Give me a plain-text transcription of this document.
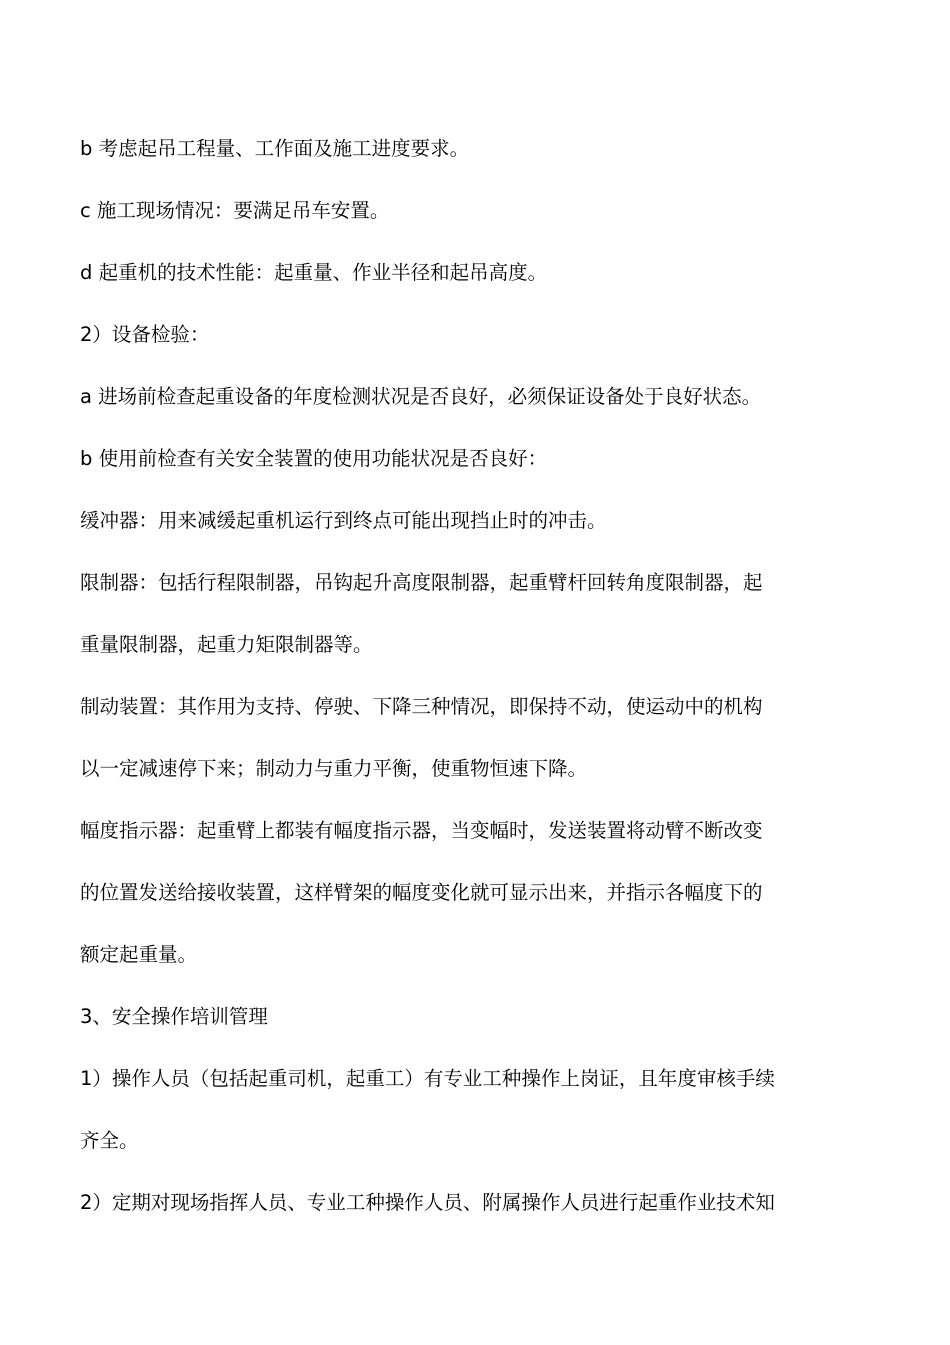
b 考虑起吊工程量、工作面及施工进度要求。

c 施工现场情况：要满足吊车安置。

d 起重机的技术性能：起重量、作业半径和起吊高度。

2）设备检验：

a 进场前检查起重设备的年度检测状况是否良好，必须保证设备处于良好状态。

b 使用前检查有关安全装置的使用功能状况是否良好：

缓冲器：用来减缓起重机运行到终点可能出现挡止时的冲击。

限制器：包括行程限制器，吊钩起升高度限制器，起重臂杆回转角度限制器，起

重量限制器，起重力矩限制器等。

制动装置：其作用为支持、停驶、下降三种情况，即保持不动，使运动中的机构

以一定减速停下来；制动力与重力平衡，使重物恒速下降。

幅度指示器：起重臂上都装有幅度指示器，当变幅时，发送装置将动臂不断改变

的位置发送给接收装置，这样臂架的幅度变化就可显示出来，并指示各幅度下的

额定起重量。

3、安全操作培训管理

1）操作人员（包括起重司机，起重工）有专业工种操作上岗证，且年度审核手续

齐全。

2）定期对现场指挥人员、专业工种操作人员、附属操作人员进行起重作业技术知
